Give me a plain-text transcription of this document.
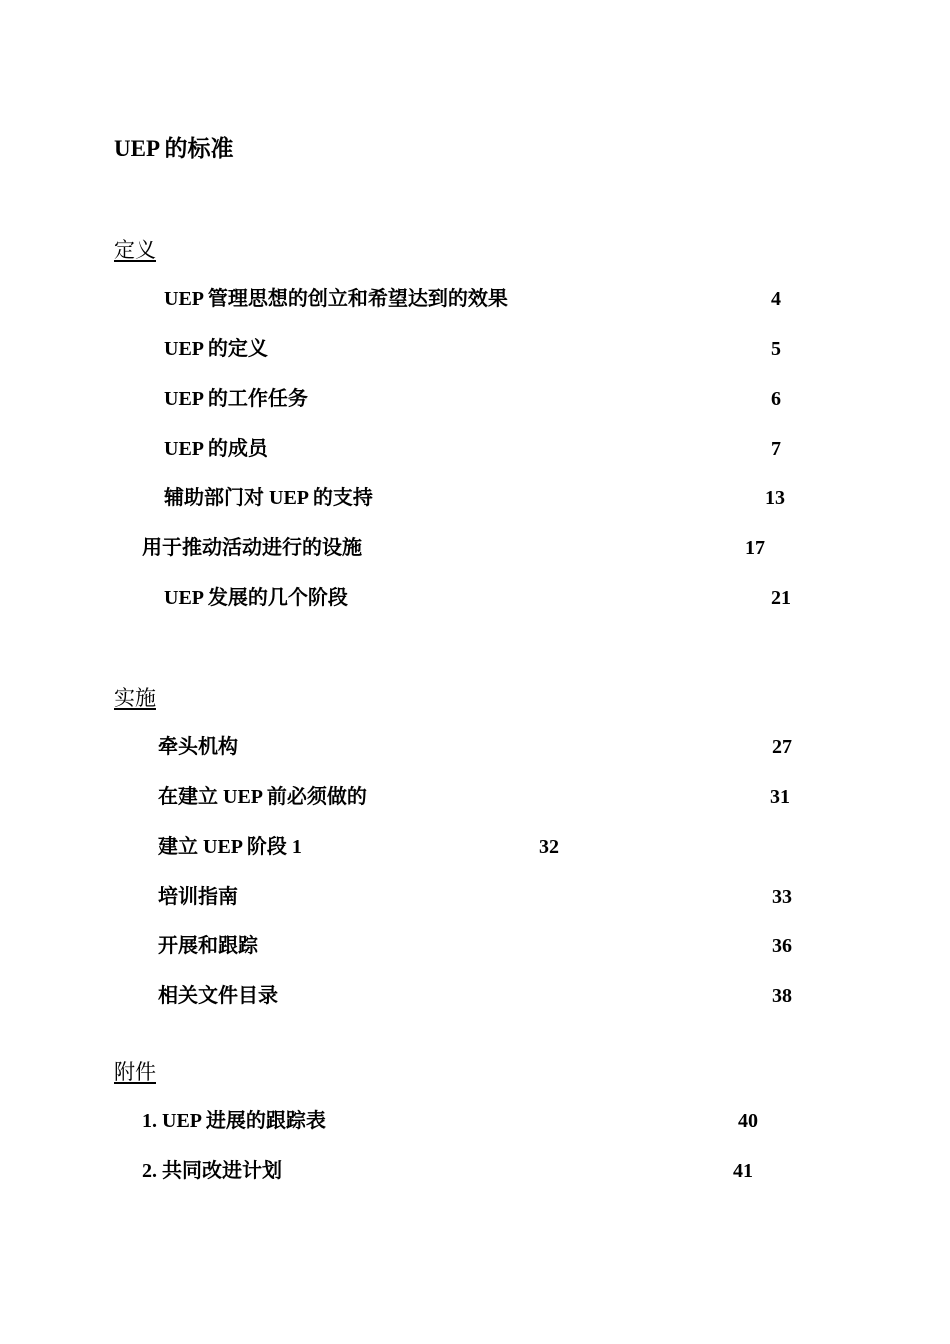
UEP 的标准
定义
UEP 管理思想的创立和希望达到的效果	4
UEP 的定义	5
UEP 的工作任务	6
UEP 的成员	7
辅助部门对 UEP 的支持	13
用于推动活动进行的设施	17
UEP 发展的几个阶段	21
实施
牵头机构	27
在建立 UEP 前必须做的	31
建立 UEP 阶段 1	32
培训指南	33
开展和跟踪	36
相关文件目录	38
附件
1. UEP 进展的跟踪表	40
2. 共同改进计划	41
